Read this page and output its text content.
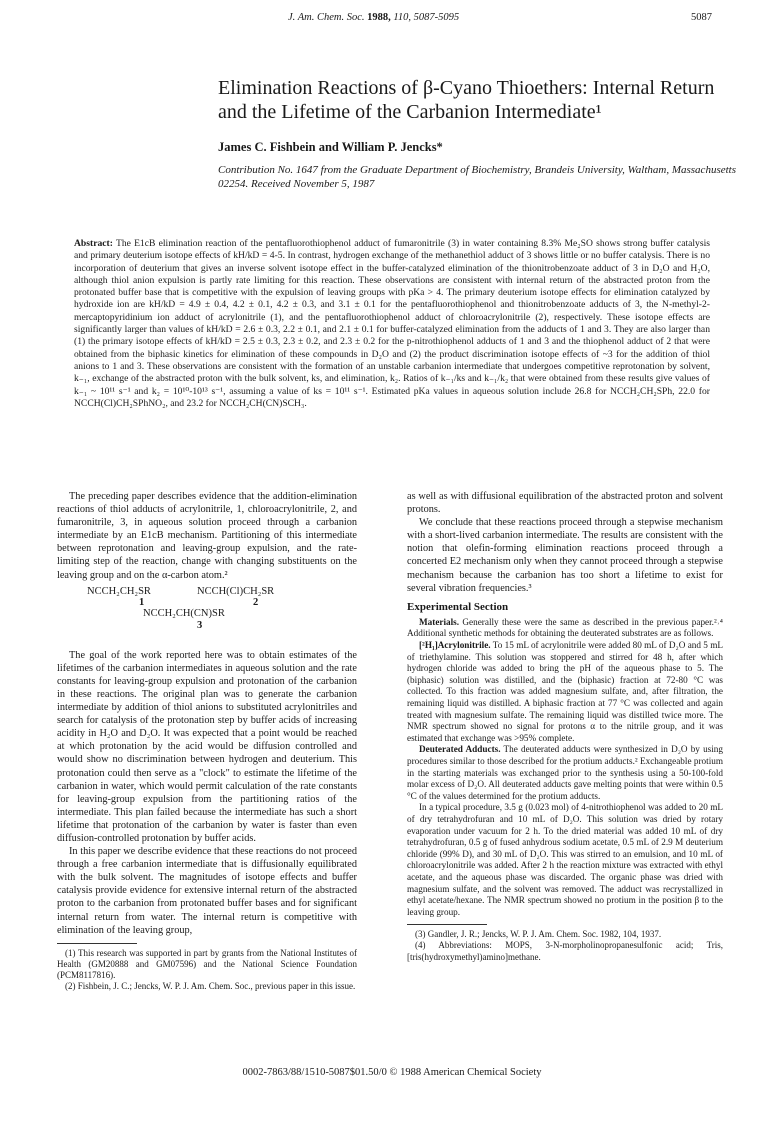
J. Am. Chem. Soc. 1988, 110, 5087-5095	5087
Elimination Reactions of β-Cyano Thioethers: Internal Return and the Lifetime of the Carbanion Intermediate¹
James C. Fishbein and William P. Jencks*
Contribution No. 1647 from the Graduate Department of Biochemistry, Brandeis University, Waltham, Massachusetts 02254. Received November 5, 1987
Abstract: The E1cB elimination reaction of the pentafluorothiophenol adduct of fumaronitrile (3) in water containing 8.3% Me₂SO shows strong buffer catalysis and primary deuterium isotope effects of kH/kD = 4-5. In contrast, hydrogen exchange of the methanethiol adduct of 3 shows little or no buffer catalysis. There is no incorporation of deuterium that gives an inverse solvent isotope effect in the buffer-catalyzed elimination of the thionitrobenzoate adduct of 3 in D₂O and H₂O, although thiol anion expulsion is partly rate limiting for this reaction. These observations are consistent with internal return of the abstracted proton from the protonated buffer base that is competitive with the expulsion of leaving groups with pKa > 4. The primary deuterium isotope effects for elimination catalyzed by hydroxide ion are kH/kD = 4.9 ± 0.4, 4.2 ± 0.1, 4.2 ± 0.3, and 3.1 ± 0.1 for the pentafluorothiophenol and thionitrobenzoate adducts of 3, the N-methyl-2-mercaptopyridinium ion adduct of acrylonitrile (1), and the pentafluorothiophenol adduct of chloroacrylonitrile (2), respectively. These isotope effects are significantly larger than values of kH/kD = 2.6 ± 0.3, 2.2 ± 0.1, and 2.1 ± 0.1 for buffer-catalyzed elimination from the adducts of 1 and 3. They are also larger than (1) the primary isotope effects of kH/kD = 2.5 ± 0.3, 2.3 ± 0.2, and 2.3 ± 0.2 for the p-nitrothiophenol adducts of 1 and 3 and the thiophenol adduct of 2 that were obtained from the biphasic kinetics for elimination of these compounds in D₂O and (2) the product discrimination isotope effects of ~3 for the addition of thiol anions to 1 and 3. These observations are consistent with the formation of an unstable carbanion intermediate that undergoes competitive reprotonation by solvent, k₋₁, exchange of the abstracted proton with the bulk solvent, ks, and elimination, k₂. Ratios of k₋₁/ks and k₋₁/k₂ that were obtained from these results give values of k₋₁ ~ 10¹¹ s⁻¹ and k₂ = 10¹⁰-10¹³ s⁻¹, assuming a value of ks = 10¹¹ s⁻¹. Estimated pKa values in aqueous solution include 26.8 for NCCH₂CH₂SPh, 22.0 for NCCH(Cl)CH₂SPhNO₂, and 23.2 for NCCH₂CH(CN)SCH₃.

The preceding paper describes evidence that the addition-elimination reactions of thiol adducts of acrylonitrile, 1, chloroacrylonitrile, 2, and fumaronitrile, 3, in aqueous solution proceed through a carbanion intermediate by an E1cB mechanism. Partitioning of this intermediate between reprotonation and leaving-group expulsion, and the rate-limiting step of the reaction, change with changing substituents on the leaving group and on the α-carbon atom.²

NCCH₂CH₂SR
1
NCCH(Cl)CH₂SR
2
NCCH₂CH(CN)SR
3

The goal of the work reported here was to obtain estimates of the lifetimes of the carbanion intermediates in aqueous solution and the rate constants for leaving-group expulsion and protonation of the carbanion in these reactions. The original plan was to generate the carbanion intermediate by addition of thiol anions to substituted acrylonitriles and search for catalysis of the protonation step by buffer acids of increasing acidity in H₂O and D₂O. It was expected that a point would be reached at which protonation by the acid would be diffusion controlled and would show no discrimination between hydrogen and deuterium. This protonation could then serve as a "clock" to estimate the lifetime of the carbanion in water, which would permit calculation of the rate constants for leaving-group expulsion from the partitioning ratios of the intermediate. This plan failed because the intermediate has such a short lifetime that protonation of the carbanion by water is faster than even diffusion-controlled protonation by buffer acids.

In this paper we describe evidence that these reactions do not proceed through a free carbanion intermediate that is diffusionally equilibrated with the bulk solvent. The magnitudes of isotope effects and buffer catalysis provide evidence for extensive internal return of the abstracted proton to the carbanion from protonated buffer bases and for significant internal return from water. The internal return is competitive with elimination of the leaving group,

(1) This research was supported in part by grants from the National Institutes of Health (GM20888 and GM07596) and the National Science Foundation (PCM8117816).

(2) Fishbein, J. C.; Jencks, W. P. J. Am. Chem. Soc., previous paper in this issue.

as well as with diffusional equilibration of the abstracted proton and solvent protons.

We conclude that these reactions proceed through a stepwise mechanism with a short-lived carbanion intermediate. The results are consistent with the notion that olefin-forming elimination reactions proceed through a concerted E2 mechanism only when they cannot proceed through a stepwise mechanism because the carbanion has too short a lifetime to exist for several vibration frequencies.³

Experimental Section

Materials. Generally these were the same as described in the previous paper.²˒⁴ Additional synthetic methods for obtaining the deuterated substrates are as follows.

[²H₁]Acrylonitrile. To 15 mL of acrylonitrile were added 80 mL of D₂O and 5 mL of triethylamine. This solution was stoppered and stirred for 48 h, after which hydrogen chloride was added to bring the pH of the aqueous phase to 5. The (biphasic) solution was distilled, and the (biphasic) fraction at 72-80 °C was collected. To this fraction was added magnesium sulfate, and, after filtration, the remaining liquid was distilled. A biphasic fraction at 77 °C was collected and again treated with magnesium sulfate. The remaining liquid was distilled twice more. The NMR spectrum showed no signal for protons α to the nitrile group, and it was estimated that exchange was >95% complete.

Deuterated Adducts. The deuterated adducts were synthesized in D₂O by using procedures similar to those described for the protium adducts.² Exchangeable protium in the starting materials was exchanged prior to the synthesis using a 50-100-fold molar excess of D₂O. All deuterated adducts gave melting points that were within 0.5 °C of the values determined for the protium adducts.

In a typical procedure, 3.5 g (0.023 mol) of 4-nitrothiophenol was added to 20 mL of dry tetrahydrofuran and 10 mL of D₂O. This solution was dried by rotary evaporation under vacuum for 2 h. To the dried material was added 10 mL of dry tetrahydrofuran, 0.5 g of fused anhydrous sodium acetate, 0.5 mL of 2.9 M deuterium chloride (99% D), and 30 mL of D₂O. This was stirred to an emulsion, and 10 mL of chloroacrylonitrile was added. After 2 h the reaction mixture was extracted with ethyl acetate, and the aqueous phase was discarded. The organic phase was dried with magnesium sulfate, and the solvent was removed. The adduct was recrystallized in ethyl acetate/hexane. The NMR spectrum showed no protium in the position β to the leaving group.

(3) Gandler, J. R.; Jencks, W. P. J. Am. Chem. Soc. 1982, 104, 1937.

(4) Abbreviations: MOPS, 3-N-morpholinopropanesulfonic acid; Tris, [tris(hydroxymethyl)amino]methane.

0002-7863/88/1510-5087$01.50/0 © 1988 American Chemical Society
